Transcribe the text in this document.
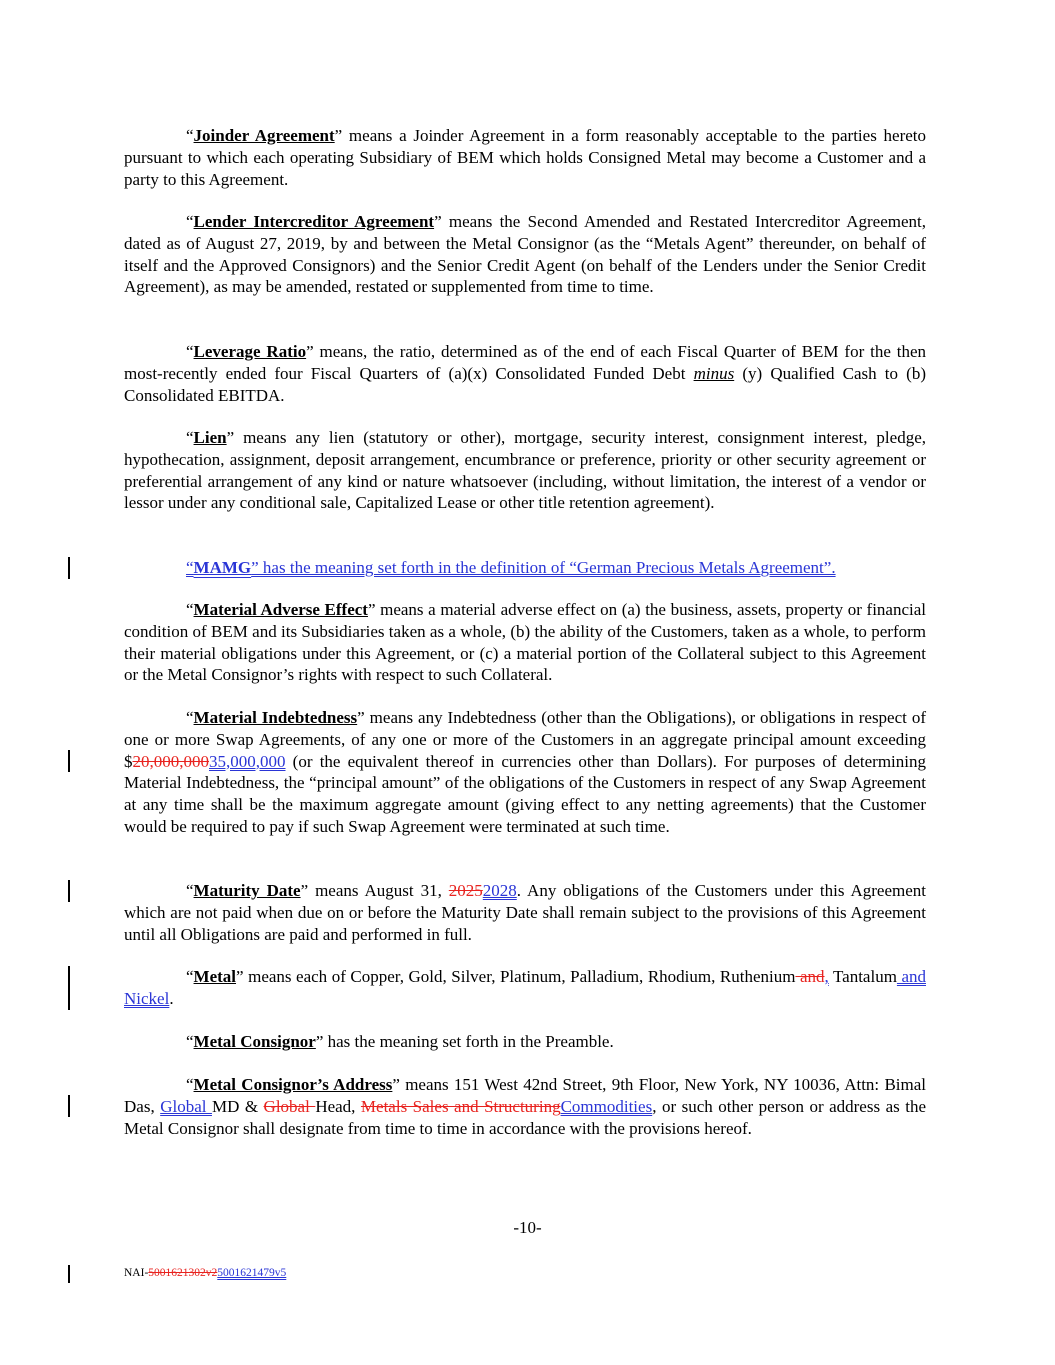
“Joinder Agreement” means a Joinder Agreement in a form reasonably acceptable to the parties hereto pursuant to which each operating Subsidiary of BEM which holds Consigned Metal may become a Customer and a party to this Agreement.

“Lender Intercreditor Agreement” means the Second Amended and Restated Intercreditor Agreement, dated as of August 27, 2019, by and between the Metal Consignor (as the “Metals Agent” thereunder, on behalf of itself and the Approved Consignors) and the Senior Credit Agent (on behalf of the Lenders under the Senior Credit Agreement), as may be amended, restated or supplemented from time to time.

“Leverage Ratio” means, the ratio, determined as of the end of each Fiscal Quarter of BEM for the then most-recently ended four Fiscal Quarters of (a)(x) Consolidated Funded Debt minus (y) Qualified Cash to (b) Consolidated EBITDA.

“Lien” means any lien (statutory or other), mortgage, security interest, consignment interest, pledge, hypothecation, assignment, deposit arrangement, encumbrance or preference, priority or other security agreement or preferential arrangement of any kind or nature whatsoever (including, without limitation, the interest of a vendor or lessor under any conditional sale, Capitalized Lease or other title retention agreement).

“MAMG” has the meaning set forth in the definition of “German Precious Metals Agreement”.

“Material Adverse Effect” means a material adverse effect on (a) the business, assets, property or financial condition of BEM and its Subsidiaries taken as a whole, (b) the ability of the Customers, taken as a whole, to perform their material obligations under this Agreement, or (c) a material portion of the Collateral subject to this Agreement or the Metal Consignor’s rights with respect to such Collateral.

“Material Indebtedness” means any Indebtedness (other than the Obligations), or obligations in respect of one or more Swap Agreements, of any one or more of the Customers in an aggregate principal amount exceeding $20,000,00035,000,000 (or the equivalent thereof in currencies other than Dollars). For purposes of determining Material Indebtedness, the “principal amount” of the obligations of the Customers in respect of any Swap Agreement at any time shall be the maximum aggregate amount (giving effect to any netting agreements) that the Customer would be required to pay if such Swap Agreement were terminated at such time.

“Maturity Date” means August 31, 20252028. Any obligations of the Customers under this Agreement which are not paid when due on or before the Maturity Date shall remain subject to the provisions of this Agreement until all Obligations are paid and performed in full.

“Metal” means each of Copper, Gold, Silver, Platinum, Palladium, Rhodium, Ruthenium and, Tantalum and Nickel.

“Metal Consignor” has the meaning set forth in the Preamble.

“Metal Consignor’s Address” means 151 West 42nd Street, 9th Floor, New York, NY 10036, Attn: Bimal Das, Global MD & Global Head, Metals Sales and StructuringCommodities, or such other person or address as the Metal Consignor shall designate from time to time in accordance with the provisions hereof.

-10-
NAI-5001621302v25001621479v5
